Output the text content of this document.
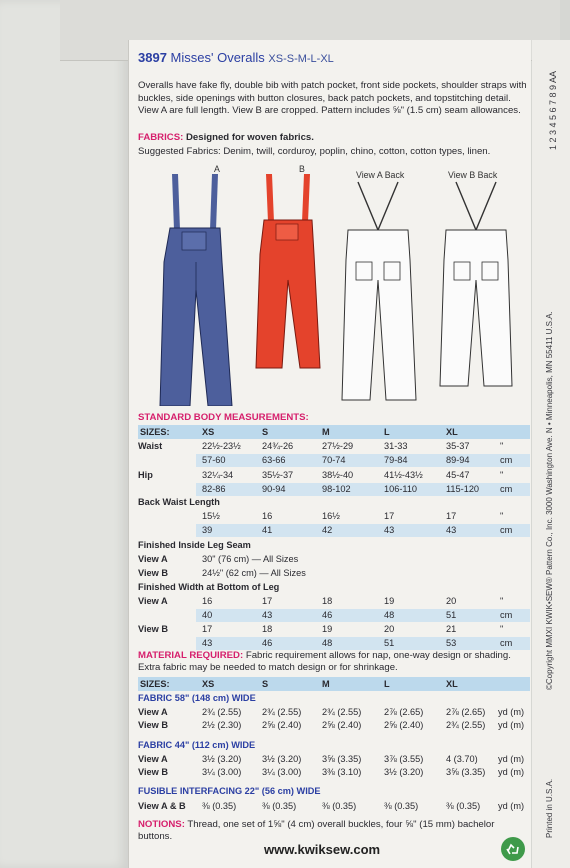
3897 Misses' Overalls XS-S-M-L-XL
Overalls have fake fly, double bib with patch pocket, front side pockets, shoulder straps with buckles, side openings with button closures, back patch pockets, and topstitching detail. View A are full length. View B are cropped. Pattern includes ⅝" (1.5 cm) seam allowances.
FABRICS: Designed for woven fabrics.
Suggested Fabrics: Denim, twill, corduroy, poplin, chino, cotton, cotton types, linen.
A	B
View A Back	View B Back
STANDARD BODY MEASUREMENTS:
SIZES:	XS	S	M	L	XL
Waist	22½-23½ 24¾-26	27½-29	31-33	35-37	"
57-60	63-66	70-74	79-84	89-94	cm
Hip	32¼-34	35½-37	38½-40	41½-43½	45-47	"
82-86	90-94	98-102	106-110	115-120 cm
Back Waist Length
15½	16	16½	17	17	"
39	41	42	43	43	cm
Finished Inside Leg Seam
View A	30" (76 cm) — All Sizes
View B	24½" (62 cm) — All Sizes
Finished Width at Bottom of Leg
View A	16	17	18	19	20	"
40	43	46	48	51	cm
View B	17	18	19	20	21	"
43	46	48	51	53	cm
MATERIAL REQUIRED: Fabric requirement allows for nap, one-way design or shading. Extra fabric may be needed to match design or for shrinkage.
SIZES:	XS	S	M	L	XL
FABRIC 58" (148 cm) WIDE
View A	2¾ (2.55) 2¾ (2.55) 2¾ (2.55) 2⅞ (2.65) 2⅞ (2.65) yd (m)
View B	2½ (2.30) 2⅝ (2.40) 2⅝ (2.40) 2⅝ (2.40) 2¾ (2.55) yd (m)
FABRIC 44" (112 cm) WIDE
View A	3½ (3.20) 3½ (3.20) 3⅝ (3.35) 3⅞ (3.55) 4 (3.70) yd (m)
View B	3¼ (3.00) 3¼ (3.00) 3⅜ (3.10) 3½ (3.20) 3⅝ (3.35) yd (m)
FUSIBLE INTERFACING 22" (56 cm) WIDE
View A & B ⅜ (0.35)	⅜ (0.35)	⅜ (0.35)	⅜ (0.35)	⅜ (0.35) yd (m)
NOTIONS: Thread, one set of 1⅝" (4 cm) overall buckles, four ⅝" (15 mm) bachelor buttons.
www.kwiksew.com
©Copyright MMXI KWIK•SEW® Pattern Co., Inc. 3000 Washington Ave. N • Minneapolis, MN 55411 U.S.A.
Printed in U.S.A.
1 2 3 4 5 6 7 8 9 AA
